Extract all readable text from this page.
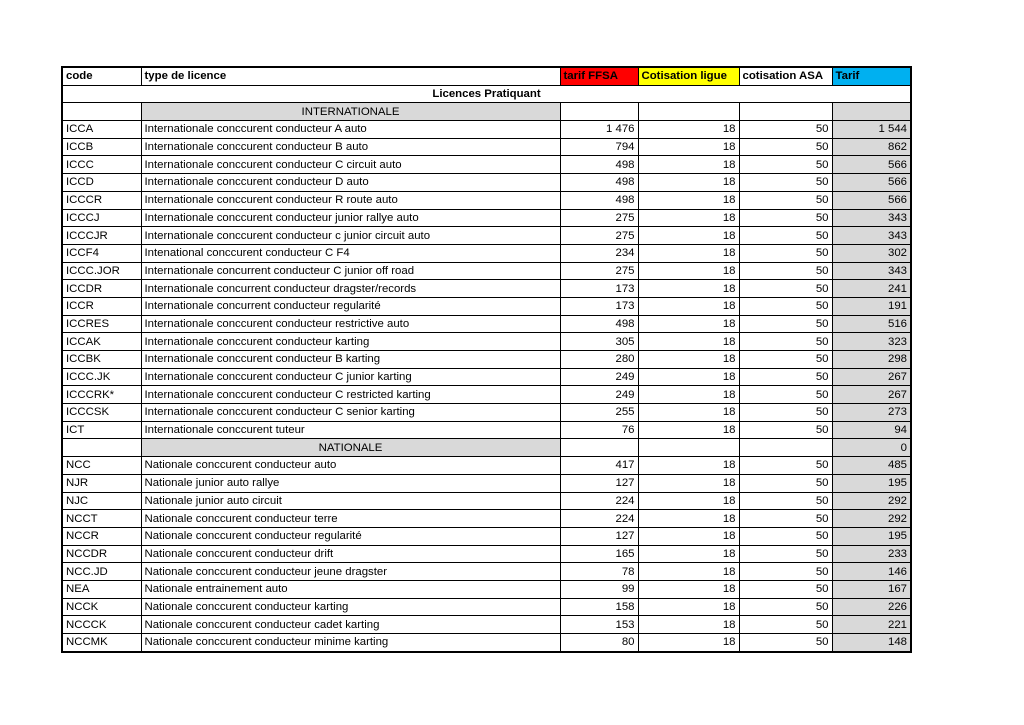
code	type de licence	tarif FFSA	Cotisation ligue	cotisation ASA	Tarif
Licences Pratiquant					
	INTERNATIONALE				
ICCA	Internationale conccurent conducteur A auto	1 476	18	50	1 544
ICCB	Internationale conccurent conducteur B auto	794	18	50	862
ICCC	Internationale conccurent conducteur C circuit auto	498	18	50	566
ICCD	Internationale conccurent conducteur D auto	498	18	50	566
ICCCR	Internationale conccurent conducteur R route auto	498	18	50	566
ICCCJ	Internationale conccurent conducteur junior rallye auto	275	18	50	343
ICCCJR	Internationale conccurent conducteur c junior circuit auto	275	18	50	343
ICCF4	Intenational conccurent conducteur C F4	234	18	50	302
ICCC.JOR	Internationale concurrent conducteur C junior off road	275	18	50	343
ICCDR	Internationale concurrent conducteur dragster/records	173	18	50	241
ICCR	Internationale concurrent conducteur regularité	173	18	50	191
ICCRES	Internationale conccurent conducteur restrictive auto	498	18	50	516
ICCAK	Internationale conccurent conducteur karting	305	18	50	323
ICCBK	Internationale conccurent conducteur B karting	280	18	50	298
ICCC.JK	Internationale conccurent conducteur C junior karting	249	18	50	267
ICCCRK*	Internationale conccurent conducteur C restricted karting	249	18	50	267
ICCCSK	Internationale conccurent conducteur C senior karting	255	18	50	273
ICT	Internationale conccurent tuteur	76	18	50	94
	NATIONALE				0
NCC	Nationale conccurent conducteur auto	417	18	50	485
NJR	Nationale junior auto rallye	127	18	50	195
NJC	Nationale junior auto circuit	224	18	50	292
NCCT	Nationale conccurent conducteur terre	224	18	50	292
NCCR	Nationale conccurent conducteur regularité	127	18	50	195
NCCDR	Nationale conccurent conducteur drift	165	18	50	233
NCC.JD	Nationale conccurent conducteur jeune dragster	78	18	50	146
NEA	Nationale entrainement auto	99	18	50	167
NCCK	Nationale conccurent conducteur karting	158	18	50	226
NCCCK	Nationale conccurent conducteur cadet karting	153	18	50	221
NCCMK	Nationale conccurent conducteur minime karting	80	18	50	148
